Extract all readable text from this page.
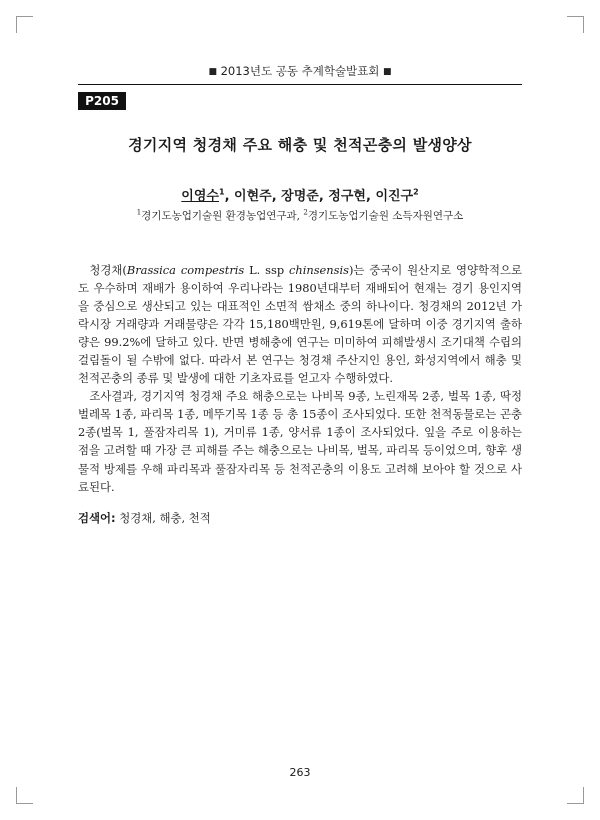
■ 2013년도 공동 추계학술발표회 ■
P205
경기지역 청경채 주요 해충 및 천적곤충의 발생양상
이영수$^1$, 이현주, 장명준, 정구현, 이진구$^2$
$^1$경기도농업기술원 환경농업연구과, $^2$경기도농업기술원 소득자원연구소

청경채(Brassica compestris L. ssp chinsensis)는 중국이 원산지로 영양학적으로도 우수하며 재배가 용이하여 우리나라는 1980년대부터 재배되어 현재는 경기 용인지역을 중심으로 생산되고 있는 대표적인 소면적 쌈채소 중의 하나이다. 청경채의 2012년 가락시장 거래량과 거래물량은 각각 15,180백만원, 9,619톤에 달하며 이중 경기지역 출하량은 99.2%에 달하고 있다. 반면 병해충에 연구는 미미하여 피해발생시 조기대책 수립의 걸림돌이 될 수밖에 없다. 따라서 본 연구는 청경채 주산지인 용인, 화성지역에서 해충 및 천적곤충의 종류 및 발생에 대한 기초자료를 얻고자 수행하였다.

조사결과, 경기지역 청경채 주요 해충으로는 나비목 9종, 노린재목 2종, 벌목 1종, 딱정벌레목 1종, 파리목 1종, 메뚜기목 1종 등 총 15종이 조사되었다. 또한 천적동물로는 곤충 2종(벌목 1, 풀잠자리목 1), 거미류 1종, 양서류 1종이 조사되었다. 잎을 주로 이용하는 점을 고려할 때 가장 큰 피해를 주는 해충으로는 나비목, 벌목, 파리목 등이었으며, 향후 생물적 방제를 우해 파리목과 풀잠자리목 등 천적곤충의 이용도 고려해 보아야 할 것으로 사료된다.

검색어: 청경채, 해충, 천적
263
